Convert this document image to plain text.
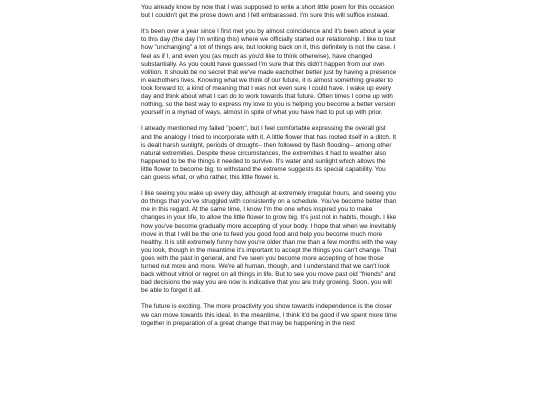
You already know by now that I was supposed to write a short little poem for this occasion but I couldn't get the prose down and I felt embarassed. I'm sure this will suffice instead.

It's been over a year since I first met you by almost coincidence and it's been about a year to this day (the day I'm writing this) where we officially started our relationship. I like to tout how "unchanging" a lot of things are, but looking back on it, this definitely is not the case. I feel as if I, and even you (as much as you'd like to think otherwise), have changed substantially. As you could have guessed I'm sure that this didn't happen from our own volition. It should be no secret that we've made eachother better just by having a presence in eachothers lives. Knowing what we think of our future, it is almost something greater to look forward to; a kind of meaning that I was not even sure I could have. I wake up every day and think about what I can do to work towards that future. Often times I come up with nothing, so the best way to express my love to you is helping you become a better version yourself in a myriad of ways, almost in spite of what you have had to put up with prior.

I already mentioned my failed "poem", but I feel comfortable expressing the overall gist and the analogy I tried to incorporate with it. A little flower that has rooted itself in a ditch. It is dealt harsh sunlight, periods of drought-- then followed by flash flooding-- among other natural extremities. Despite these circumstances, the extremities it had to weather also happened to be the things it needed to survive. It's water and sunlight which allows the little flower to become big; to withstand the extreme suggests its special capability. You can guess what, or who rather, this little flower is.

I like seeing you wake up every day, although at extremely irregular hours, and seeing you do things that you've struggled with consistently on a schedule. You've become better than me in this regard. At the same time, I know I'm the one whos inspired you to make changes in your life, to allow the little flower to grow big. It's just not in habits, though. I like how you've become gradually more accepting of your body. I hope that when we inevitably move in that I will be the one to feed you good food and help you become much more healthy. It is still extremely funny how you're older than me than a few months with the way you look, though in the meantime it's important to accept the things you can't change. That goes with the past in general, and I've seen you become more accepting of how those turned out more and more. We're all human, though, and I understand that we can't look back without vitriol or regret on all things in life. But to see you move past old "friends" and bad decisions the way you are now is indicative that you are truly growing. Soon, you will be able to forget it all.

The future is exciting. The more proactivity you show towards independence is the closer we can move towards this ideal. In the meantime, I think it'd be good if we spent more time together in preparation of a great change that may be happening in the next
